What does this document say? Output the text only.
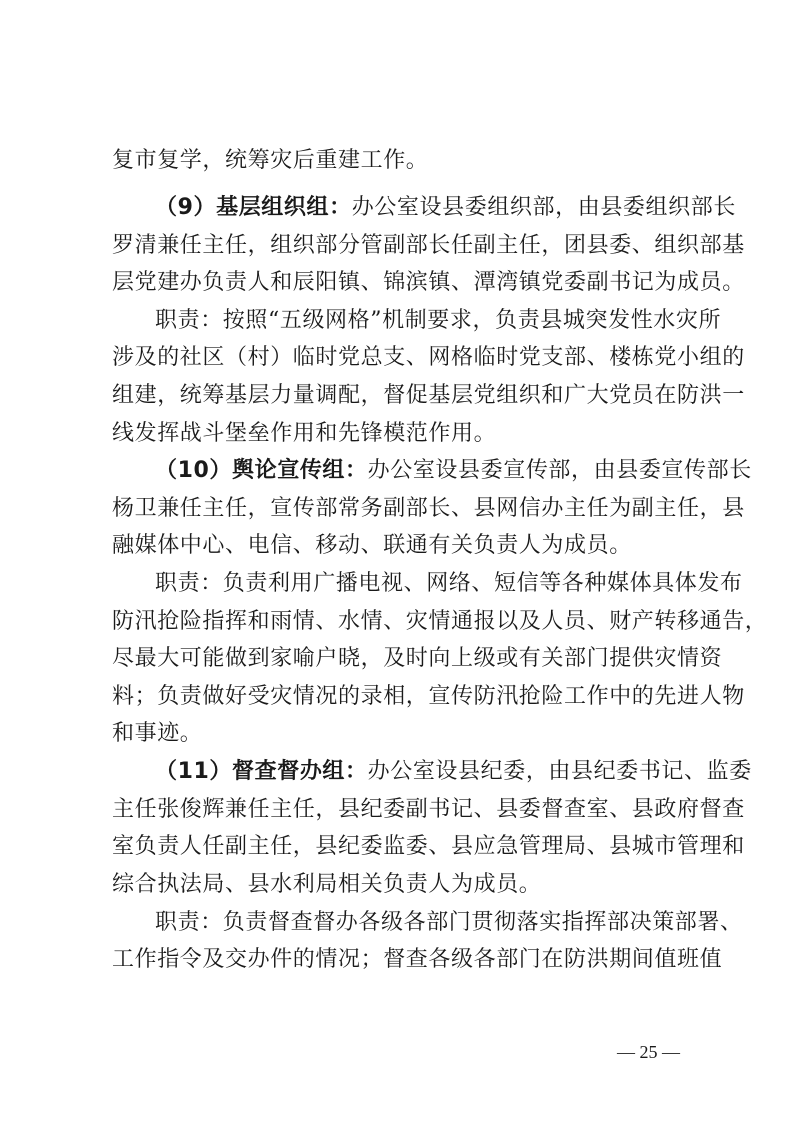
复市复学，统筹灾后重建工作。
（9）基层组织组：办公室设县委组织部，由县委组织部长
罗清兼任主任，组织部分管副部长任副主任，团县委、组织部基
层党建办负责人和辰阳镇、锦滨镇、潭湾镇党委副书记为成员。
职责：按照“五级网格”机制要求，负责县城突发性水灾所
涉及的社区（村）临时党总支、网格临时党支部、楼栋党小组的
组建，统筹基层力量调配，督促基层党组织和广大党员在防洪一
线发挥战斗堡垒作用和先锋模范作用。
（10）舆论宣传组：办公室设县委宣传部，由县委宣传部长
杨卫兼任主任，宣传部常务副部长、县网信办主任为副主任，县
融媒体中心、电信、移动、联通有关负责人为成员。
职责：负责利用广播电视、网络、短信等各种媒体具体发布
防汛抢险指挥和雨情、水情、灾情通报以及人员、财产转移通告，
尽最大可能做到家喻户晓，及时向上级或有关部门提供灾情资
料；负责做好受灾情况的录相，宣传防汛抢险工作中的先进人物
和事迹。
（11）督查督办组：办公室设县纪委，由县纪委书记、监委
主任张俊辉兼任主任，县纪委副书记、县委督查室、县政府督查
室负责人任副主任，县纪委监委、县应急管理局、县城市管理和
综合执法局、县水利局相关负责人为成员。
职责：负责督查督办各级各部门贯彻落实指挥部决策部署、
工作指令及交办件的情况；督查各级各部门在防洪期间值班值
— 25 —
